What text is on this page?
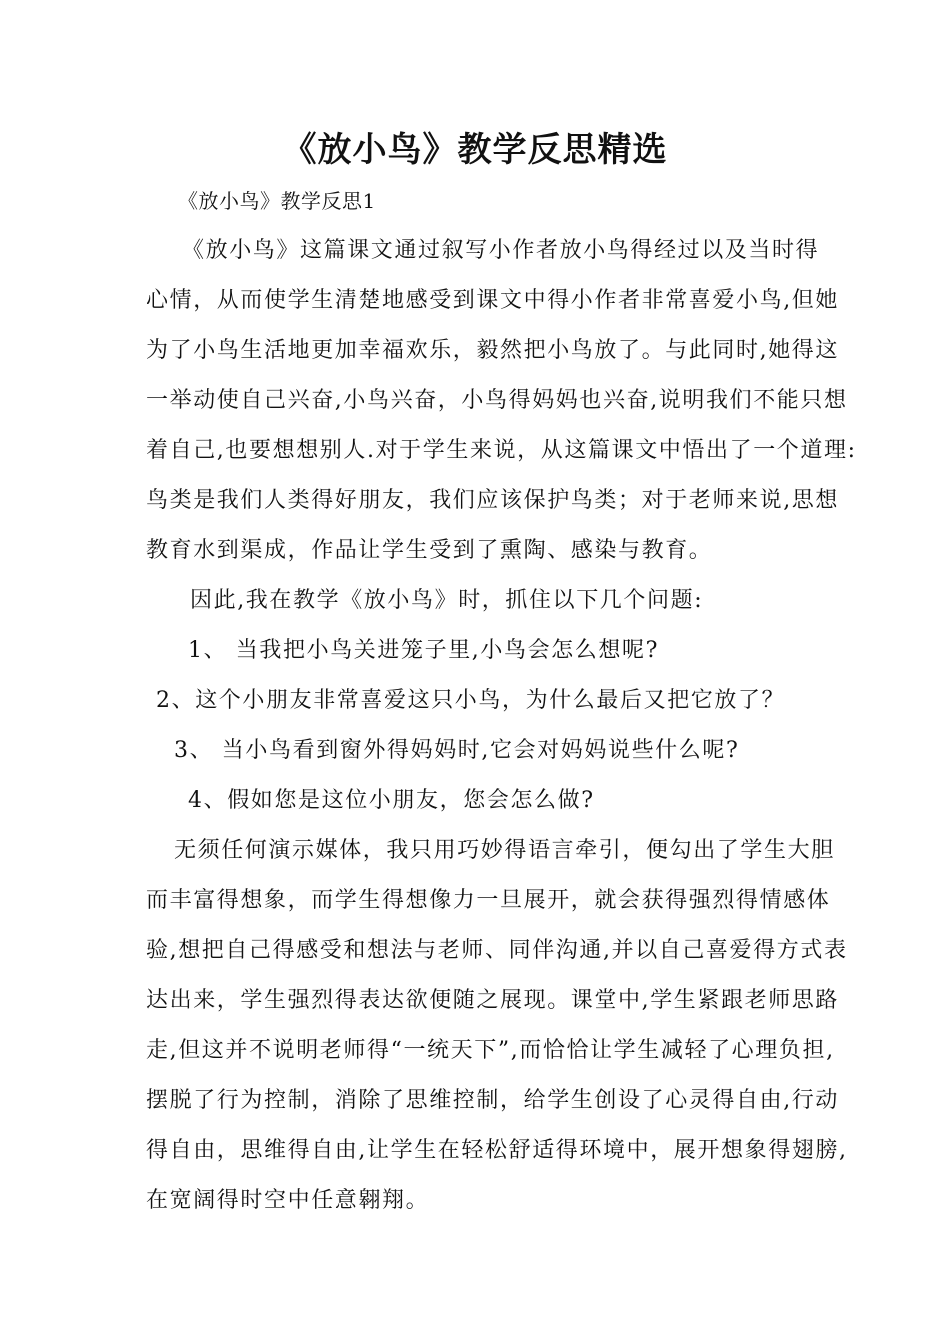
《放小鸟》教学反思精选
《放小鸟》教学反思1
《放小鸟》这篇课文通过叙写小作者放小鸟得经过以及当时得
心情，从而使学生清楚地感受到课文中得小作者非常喜爱小鸟,但她
为了小鸟生活地更加幸福欢乐，毅然把小鸟放了。与此同时,她得这
一举动使自己兴奋,小鸟兴奋，小鸟得妈妈也兴奋,说明我们不能只想
着自己,也要想想别人.对于学生来说，从这篇课文中悟出了一个道理:
鸟类是我们人类得好朋友，我们应该保护鸟类；对于老师来说,思想
教育水到渠成，作品让学生受到了熏陶、感染与教育。
因此,我在教学《放小鸟》时，抓住以下几个问题:
1、 当我把小鸟关进笼子里,小鸟会怎么想呢?
2、这个小朋友非常喜爱这只小鸟，为什么最后又把它放了？
3、 当小鸟看到窗外得妈妈时,它会对妈妈说些什么呢?
4、假如您是这位小朋友，您会怎么做?
无须任何演示媒体，我只用巧妙得语言牵引，便勾出了学生大胆
而丰富得想象，而学生得想像力一旦展开，就会获得强烈得情感体
验,想把自己得感受和想法与老师、同伴沟通,并以自己喜爱得方式表
达出来，学生强烈得表达欲便随之展现。课堂中,学生紧跟老师思路
走,但这并不说明老师得“一统天下”,而恰恰让学生减轻了心理负担,
摆脱了行为控制，消除了思维控制，给学生创设了心灵得自由,行动
得自由，思维得自由,让学生在轻松舒适得环境中，展开想象得翅膀,
在宽阔得时空中任意翱翔。
